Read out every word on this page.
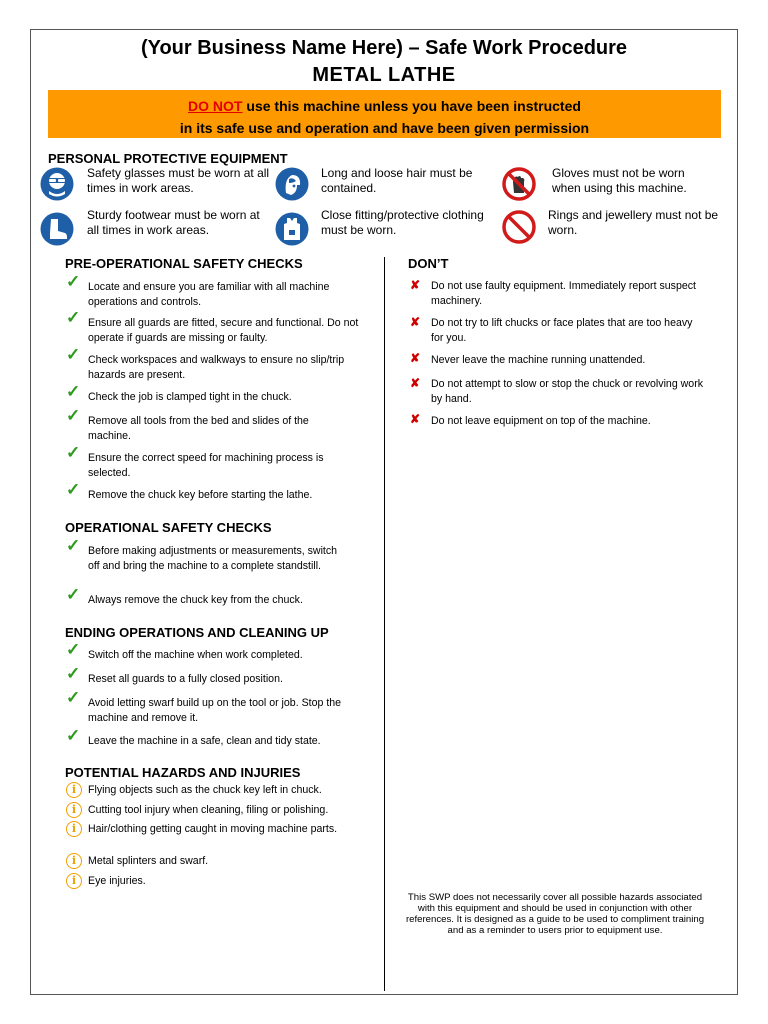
(Your Business Name Here) – Safe Work Procedure
METAL LATHE
DO NOT use this machine unless you have been instructed
in its safe use and operation and have been given permission
PERSONAL PROTECTIVE EQUIPMENT
Safety glasses must be worn at all times in work areas.
Long and loose hair must be contained.
Gloves must not be worn when using this machine.
Sturdy footwear must be worn at all times in work areas.
Close fitting/protective clothing must be worn.
Rings and jewellery must not be worn.
PRE-OPERATIONAL SAFETY CHECKS
✓ Locate and ensure you are familiar with all machine operations and controls.
✓ Ensure all guards are fitted, secure and functional. Do not operate if guards are missing or faulty.
✓ Check workspaces and walkways to ensure no slip/trip hazards are present.
✓ Check the job is clamped tight in the chuck.
✓ Remove all tools from the bed and slides of the machine.
✓ Ensure the correct speed for machining process is selected.
✓ Remove the chuck key before starting the lathe.
OPERATIONAL SAFETY CHECKS
✓ Before making adjustments or measurements, switch off and bring the machine to a complete standstill.
✓ Always remove the chuck key from the chuck.
ENDING OPERATIONS AND CLEANING UP
✓ Switch off the machine when work completed.
✓ Reset all guards to a fully closed position.
✓ Avoid letting swarf build up on the tool or job. Stop the machine and remove it.
✓ Leave the machine in a safe, clean and tidy state.
POTENTIAL HAZARDS AND INJURIES
i	Flying objects such as the chuck key left in chuck.
i	Cutting tool injury when cleaning, filing or polishing.
i	Hair/clothing getting caught in moving machine parts.
i	Metal splinters and swarf.
i	Eye injuries.
DON’T
✘ Do not use faulty equipment. Immediately report suspect machinery.
✘ Do not try to lift chucks or face plates that are too heavy for you.
✘ Never leave the machine running unattended.
✘ Do not attempt to slow or stop the chuck or revolving work by hand.
✘ Do not leave equipment on top of the machine.
This SWP does not necessarily cover all possible hazards associated with this equipment and should be used in conjunction with other references. It is designed as a guide to be used to compliment training and as a reminder to users prior to equipment use.
